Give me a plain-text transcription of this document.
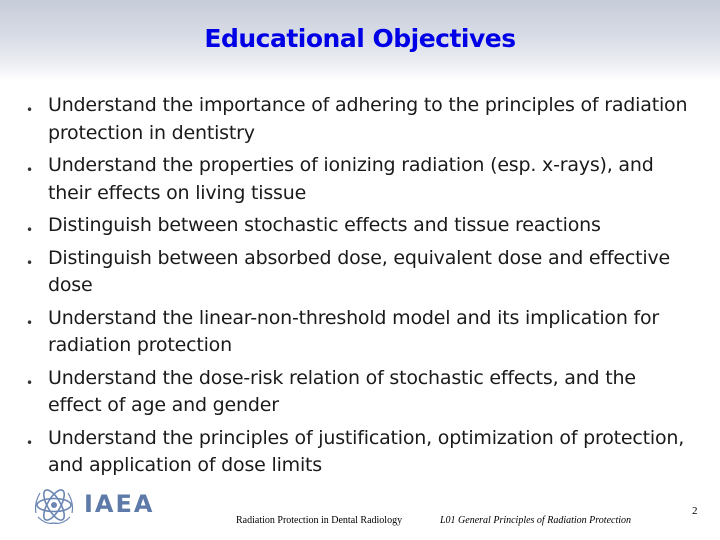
Educational Objectives
• Understand the importance of adhering to the principles of radiation protection in dentistry
• Understand the properties of ionizing radiation (esp. x-rays), and their effects on living tissue
• Distinguish between stochastic effects and tissue reactions
• Distinguish between absorbed dose, equivalent dose and effective dose
• Understand the linear-non-threshold model and its implication for radiation protection
• Understand the dose-risk relation of stochastic effects, and the effect of age and gender
• Understand the principles of justification, optimization of protection, and application of dose limits
IAEA
Radiation Protection in Dental Radiology	L01 General Principles of Radiation Protection
2
